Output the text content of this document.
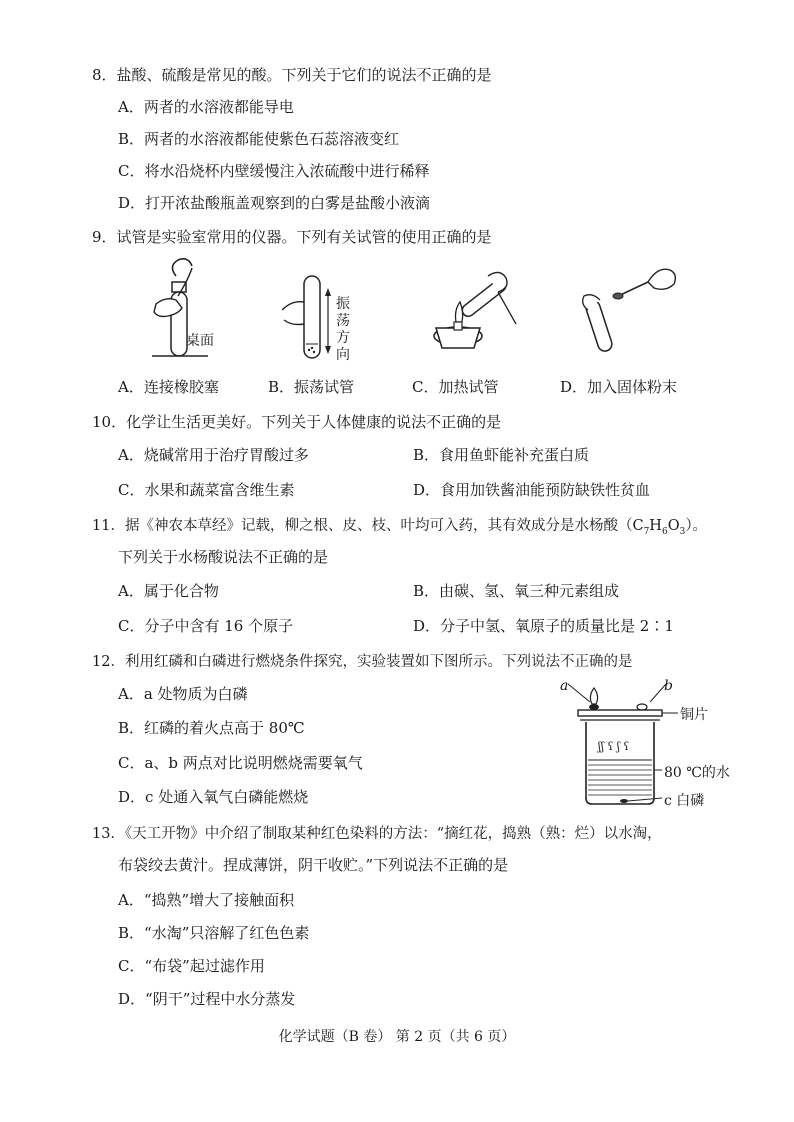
8．盐酸、硫酸是常见的酸。下列关于它们的说法不正确的是
A．两者的水溶液都能导电
B．两者的水溶液都能使紫色石蕊溶液变红
C．将水沿烧杯内壁缓慢注入浓硫酸中进行稀释
D．打开浓盐酸瓶盖观察到的白雾是盐酸小液滴
9．试管是实验室常用的仪器。下列有关试管的使用正确的是
桌面
振荡方向
A．连接橡胶塞	B．振荡试管	C．加热试管	D．加入固体粉末
10．化学让生活更美好。下列关于人体健康的说法不正确的是
A．烧碱常用于治疗胃酸过多	B．食用鱼虾能补充蛋白质
C．水果和蔬菜富含维生素	D．食用加铁酱油能预防缺铁性贫血
11．据《神农本草经》记载，柳之根、皮、枝、叶均可入药，其有效成分是水杨酸$(C_7H_6O_3)$。
下列关于水杨酸说法不正确的是
A．属于化合物	B．由碳、氢、氧三种元素组成
C．分子中含有 16 个原子	D．分子中氢、氧原子的质量比是 2∶1
12．利用红磷和白磷进行燃烧条件探究，实验装置如下图所示。下列说法不正确的是
A．a 处物质为白磷
B．红磷的着火点高于 80℃
C．a、b 两点对比说明燃烧需要氧气
D．c 处通入氧气白磷能燃烧
ʃʃ ʕ ʃ ʕ
a	b
铜片
80 ℃的水
c 白磷
13．《天工开物》中介绍了制取某种红色染料的方法：“摘红花，捣熟（熟：烂）以水淘，
布袋绞去黄汁。捏成薄饼，阴干收贮。”下列说法不正确的是
A．“捣熟”增大了接触面积
B．“水淘”只溶解了红色色素
C．“布袋”起过滤作用
D．“阴干”过程中水分蒸发
化学试题（B 卷） 第 2 页（共 6 页）
